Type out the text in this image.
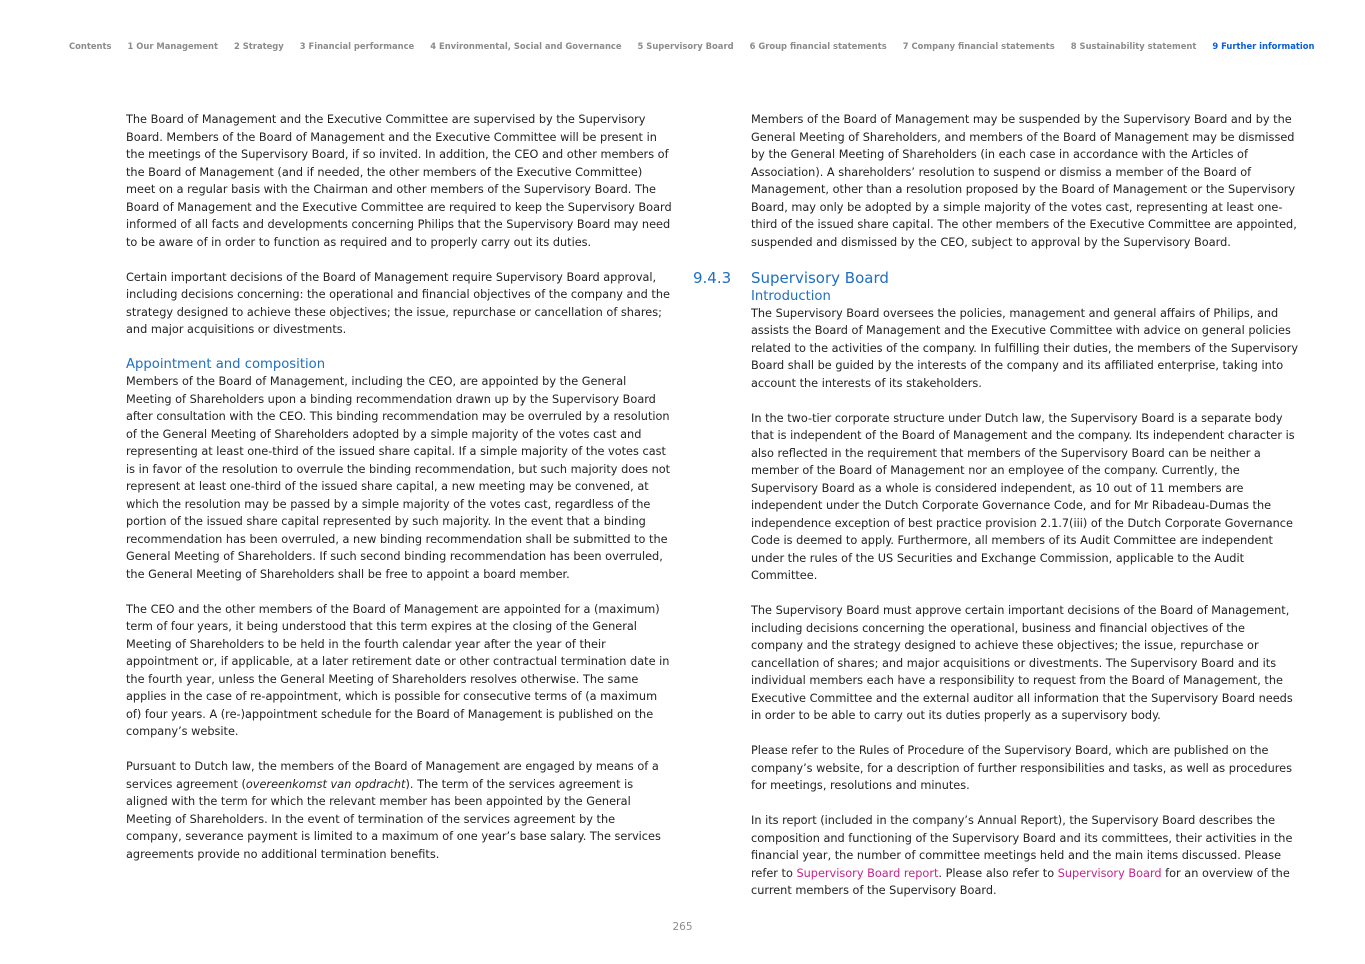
Contents 1 Our Management 2 Strategy 3 Financial performance 4 Environmental, Social and Governance 5 Supervisory Board 6 Group financial statements 7 Company financial statements 8 Sustainability statement 9 Further information

The Board of Management and the Executive Committee are supervised by the Supervisory Board. Members of the Board of Management and the Executive Committee will be present in the meetings of the Supervisory Board, if so invited. In addition, the CEO and other members of the Board of Management (and if needed, the other members of the Executive Committee) meet on a regular basis with the Chairman and other members of the Supervisory Board. The Board of Management and the Executive Committee are required to keep the Supervisory Board informed of all facts and developments concerning Philips that the Supervisory Board may need to be aware of in order to function as required and to properly carry out its duties.

Certain important decisions of the Board of Management require Supervisory Board approval, including decisions concerning: the operational and financial objectives of the company and the strategy designed to achieve these objectives; the issue, repurchase or cancellation of shares; and major acquisitions or divestments.

Appointment and composition

Members of the Board of Management, including the CEO, are appointed by the General Meeting of Shareholders upon a binding recommendation drawn up by the Supervisory Board after consultation with the CEO. This binding recommendation may be overruled by a resolution of the General Meeting of Shareholders adopted by a simple majority of the votes cast and representing at least one-third of the issued share capital. If a simple majority of the votes cast is in favor of the resolution to overrule the binding recommendation, but such majority does not represent at least one-third of the issued share capital, a new meeting may be convened, at which the resolution may be passed by a simple majority of the votes cast, regardless of the portion of the issued share capital represented by such majority. In the event that a binding recommendation has been overruled, a new binding recommendation shall be submitted to the General Meeting of Shareholders. If such second binding recommendation has been overruled, the General Meeting of Shareholders shall be free to appoint a board member.

The CEO and the other members of the Board of Management are appointed for a (maximum) term of four years, it being understood that this term expires at the closing of the General Meeting of Shareholders to be held in the fourth calendar year after the year of their appointment or, if applicable, at a later retirement date or other contractual termination date in the fourth year, unless the General Meeting of Shareholders resolves otherwise. The same applies in the case of re-appointment, which is possible for consecutive terms of (a maximum of) four years. A (re-)appointment schedule for the Board of Management is published on the company’s website.

Pursuant to Dutch law, the members of the Board of Management are engaged by means of a services agreement (overeenkomst van opdracht). The term of the services agreement is aligned with the term for which the relevant member has been appointed by the General Meeting of Shareholders. In the event of termination of the services agreement by the company, severance payment is limited to a maximum of one year’s base salary. The services agreements provide no additional termination benefits.

Members of the Board of Management may be suspended by the Supervisory Board and by the General Meeting of Shareholders, and members of the Board of Management may be dismissed by the General Meeting of Shareholders (in each case in accordance with the Articles of Association). A shareholders’ resolution to suspend or dismiss a member of the Board of Management, other than a resolution proposed by the Board of Management or the Supervisory Board, may only be adopted by a simple majority of the votes cast, representing at least one-third of the issued share capital. The other members of the Executive Committee are appointed, suspended and dismissed by the CEO, subject to approval by the Supervisory Board.

9.4.3 Supervisory Board
Introduction

The Supervisory Board oversees the policies, management and general affairs of Philips, and assists the Board of Management and the Executive Committee with advice on general policies related to the activities of the company. In fulfilling their duties, the members of the Supervisory Board shall be guided by the interests of the company and its affiliated enterprise, taking into account the interests of its stakeholders.

In the two-tier corporate structure under Dutch law, the Supervisory Board is a separate body that is independent of the Board of Management and the company. Its independent character is also reflected in the requirement that members of the Supervisory Board can be neither a member of the Board of Management nor an employee of the company. Currently, the Supervisory Board as a whole is considered independent, as 10 out of 11 members are independent under the Dutch Corporate Governance Code, and for Mr Ribadeau-Dumas the independence exception of best practice provision 2.1.7(iii) of the Dutch Corporate Governance Code is deemed to apply. Furthermore, all members of its Audit Committee are independent under the rules of the US Securities and Exchange Commission, applicable to the Audit Committee.

The Supervisory Board must approve certain important decisions of the Board of Management, including decisions concerning the operational, business and financial objectives of the company and the strategy designed to achieve these objectives; the issue, repurchase or cancellation of shares; and major acquisitions or divestments. The Supervisory Board and its individual members each have a responsibility to request from the Board of Management, the Executive Committee and the external auditor all information that the Supervisory Board needs in order to be able to carry out its duties properly as a supervisory body.

Please refer to the Rules of Procedure of the Supervisory Board, which are published on the company’s website, for a description of further responsibilities and tasks, as well as procedures for meetings, resolutions and minutes.

In its report (included in the company’s Annual Report), the Supervisory Board describes the composition and functioning of the Supervisory Board and its committees, their activities in the financial year, the number of committee meetings held and the main items discussed. Please refer to Supervisory Board report. Please also refer to Supervisory Board for an overview of the current members of the Supervisory Board.

265
